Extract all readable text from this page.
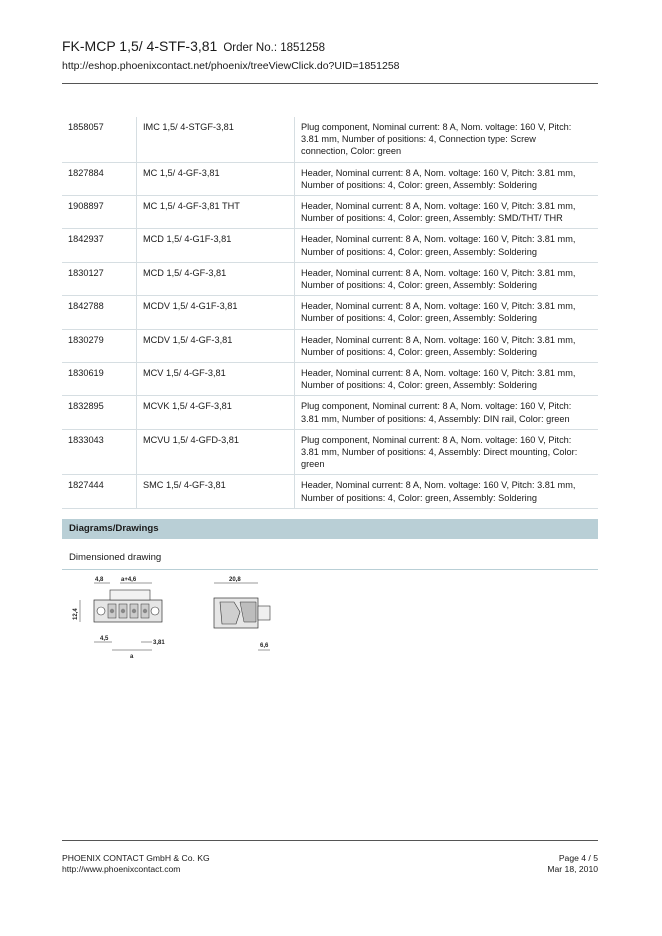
FK-MCP 1,5/ 4-STF-3,81 Order No.: 1851258
http://eshop.phoenixcontact.net/phoenix/treeViewClick.do?UID=1851258
1858057	IMC 1,5/ 4-STGF-3,81	Plug component, Nominal current: 8 A, Nom. voltage: 160 V, Pitch: 3.81 mm, Number of positions: 4, Connection type: Screw connection, Color: green
1827884	MC 1,5/ 4-GF-3,81	Header, Nominal current: 8 A, Nom. voltage: 160 V, Pitch: 3.81 mm, Number of positions: 4, Color: green, Assembly: Soldering
1908897	MC 1,5/ 4-GF-3,81 THT	Header, Nominal current: 8 A, Nom. voltage: 160 V, Pitch: 3.81 mm, Number of positions: 4, Color: green, Assembly: SMD/THT/ THR
1842937	MCD 1,5/ 4-G1F-3,81	Header, Nominal current: 8 A, Nom. voltage: 160 V, Pitch: 3.81 mm, Number of positions: 4, Color: green, Assembly: Soldering
1830127	MCD 1,5/ 4-GF-3,81	Header, Nominal current: 8 A, Nom. voltage: 160 V, Pitch: 3.81 mm, Number of positions: 4, Color: green, Assembly: Soldering
1842788	MCDV 1,5/ 4-G1F-3,81	Header, Nominal current: 8 A, Nom. voltage: 160 V, Pitch: 3.81 mm, Number of positions: 4, Color: green, Assembly: Soldering
1830279	MCDV 1,5/ 4-GF-3,81	Header, Nominal current: 8 A, Nom. voltage: 160 V, Pitch: 3.81 mm, Number of positions: 4, Color: green, Assembly: Soldering
1830619	MCV 1,5/ 4-GF-3,81	Header, Nominal current: 8 A, Nom. voltage: 160 V, Pitch: 3.81 mm, Number of positions: 4, Color: green, Assembly: Soldering
1832895	MCVK 1,5/ 4-GF-3,81	Plug component, Nominal current: 8 A, Nom. voltage: 160 V, Pitch: 3.81 mm, Number of positions: 4, Assembly: DIN rail, Color: green
1833043	MCVU 1,5/ 4-GFD-3,81	Plug component, Nominal current: 8 A, Nom. voltage: 160 V, Pitch: 3.81 mm, Number of positions: 4, Assembly: Direct mounting, Color: green
1827444	SMC 1,5/ 4-GF-3,81	Header, Nominal current: 8 A, Nom. voltage: 160 V, Pitch: 3.81 mm, Number of positions: 4, Color: green, Assembly: Soldering
Diagrams/Drawings
Dimensioned drawing
4,8	a+4,6
12,4
4,5
3,81
a
20,8
6,6
PHOENIX CONTACT GmbH & Co. KG
http://www.phoenixcontact.com
Page 4 / 5
Mar 18, 2010
